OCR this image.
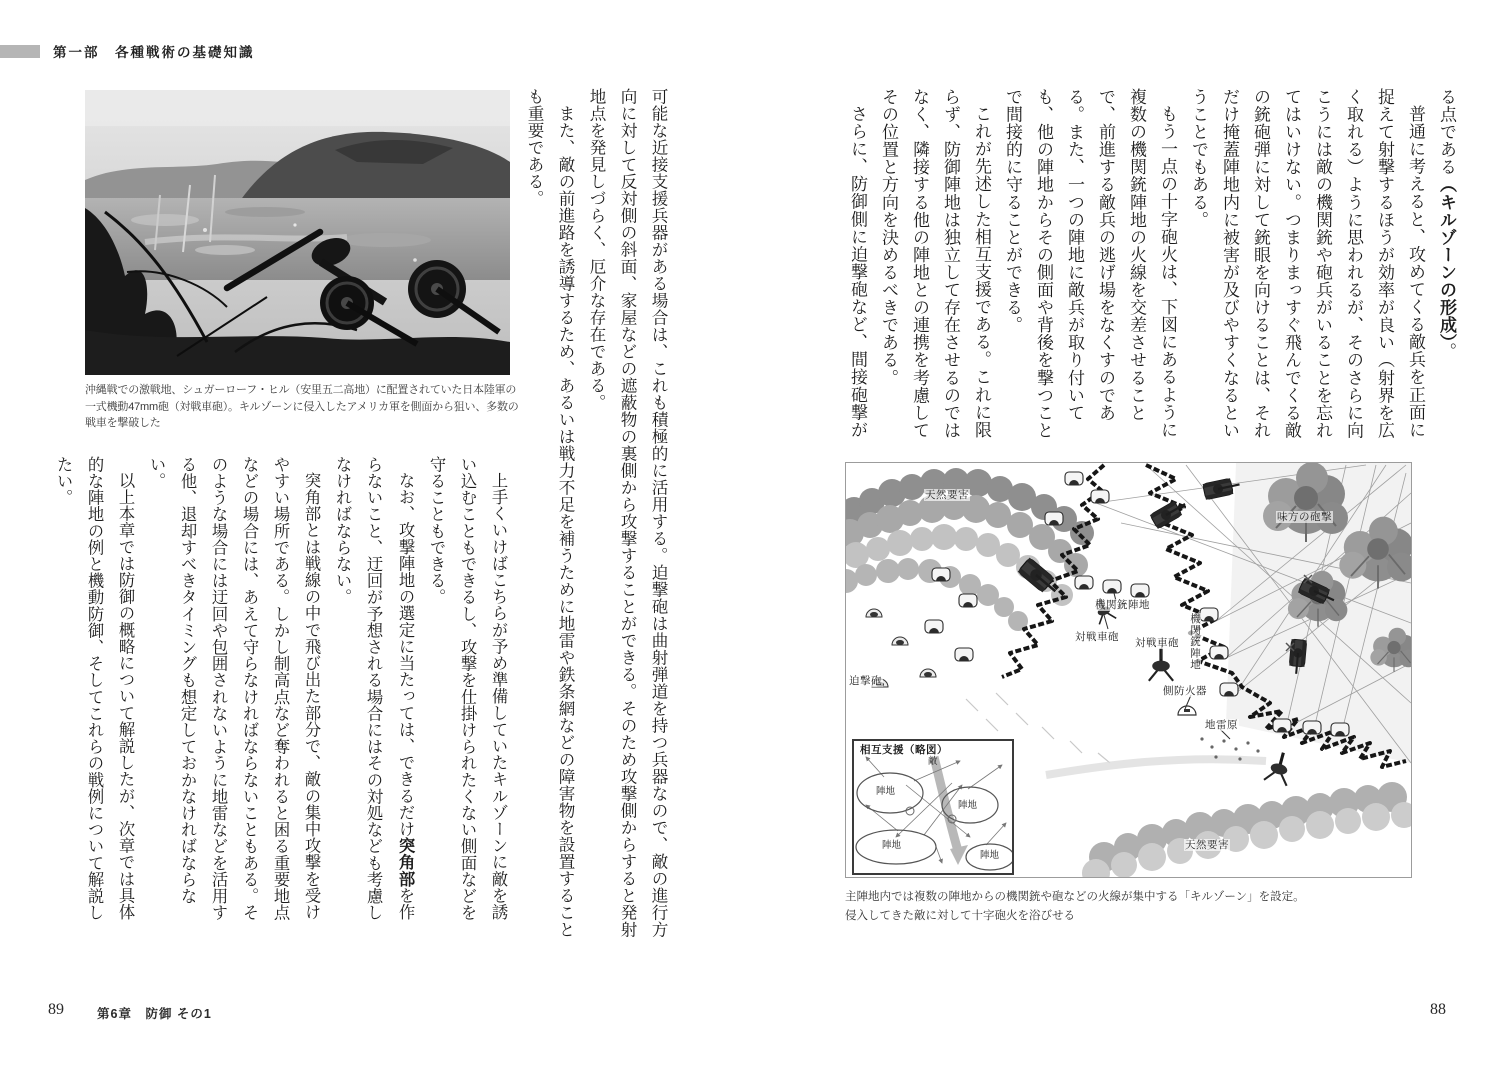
第一部　各種戦術の基礎知識
沖縄戦での激戦地、シュガーローフ・ヒル（安里五二高地）に配置されていた日本陸軍の一式機動47mm砲（対戦車砲）。キルゾーンに侵入したアメリカ軍を側面から狙い、多数の戦車を撃破した	可能な近接支援兵器がある場合は、これも積極的に活用する。迫撃砲は曲射弾道を持つ兵器なので、敵の進行方向に対して反対側の斜面、家屋などの遮蔽物の裏側から攻撃することができる。そのため攻撃側からすると発射地点を発見しづらく、厄介な存在である。

また、敵の前進路を誘導するため、あるいは戦力不足を補うために地雷や鉄条網などの障害物を設置することも重要である。

上手くいけばこちらが予め準備していたキルゾーンに敵を誘い込むこともできるし、攻撃を仕掛けられたくない側面などを守ることもできる。

なお、攻撃陣地の選定に当たっては、できるだけ突角部を作らないこと、迂回が予想される場合にはその対処なども考慮しなければならない。

突角部とは戦線の中で飛び出た部分で、敵の集中攻撃を受けやすい場所である。しかし制高点など奪われると困る重要地点などの場合には、あえて守らなければならないこともある。そのような場合には迂回や包囲されないように地雷などを活用する他、退却すべきタイミングも想定しておかなければならない。

以上本章では防御の概略について解説したが、次章では具体的な陣地の例と機動防御、そしてこれらの戦例について解説したい。

る点である（キルゾーンの形成）。

普通に考えると、攻めてくる敵兵を正面に捉えて射撃するほうが効率が良い（射界を広く取れる）ように思われるが、そのさらに向こうには敵の機関銃や砲兵がいることを忘れてはいけない。つまりまっすぐ飛んでくる敵の銃砲弾に対して銃眼を向けることは、それだけ掩蓋陣地内に被害が及びやすくなるということでもある。

もう一点の十字砲火は、下図にあるように複数の機関銃陣地の火線を交差させることで、前進する敵兵の逃げ場をなくすのである。また、一つの陣地に敵兵が取り付いても、他の陣地からその側面や背後を撃つことで間接的に守ることができる。

これが先述した相互支援である。これに限らず、防御陣地は独立して存在させるのではなく、隣接する他の陣地との連携を考慮してその位置と方向を決めるべきである。

さらに、防御側に迫撃砲など、間接砲撃が

天然要害
味方の砲撃
機関銃陣地
対戦車砲 対戦車砲 機関銃陣地
側防火器
地雷原
迫撃砲
天然要害
相互支援（略図）
敵
陣地
陣地
陣地
陣地
主陣地内では複数の陣地からの機関銃や砲などの火線が集中する「キルゾーン」を設定。
侵入してきた敵に対して十字砲火を浴びせる
89	第6章　防御 その1	88
